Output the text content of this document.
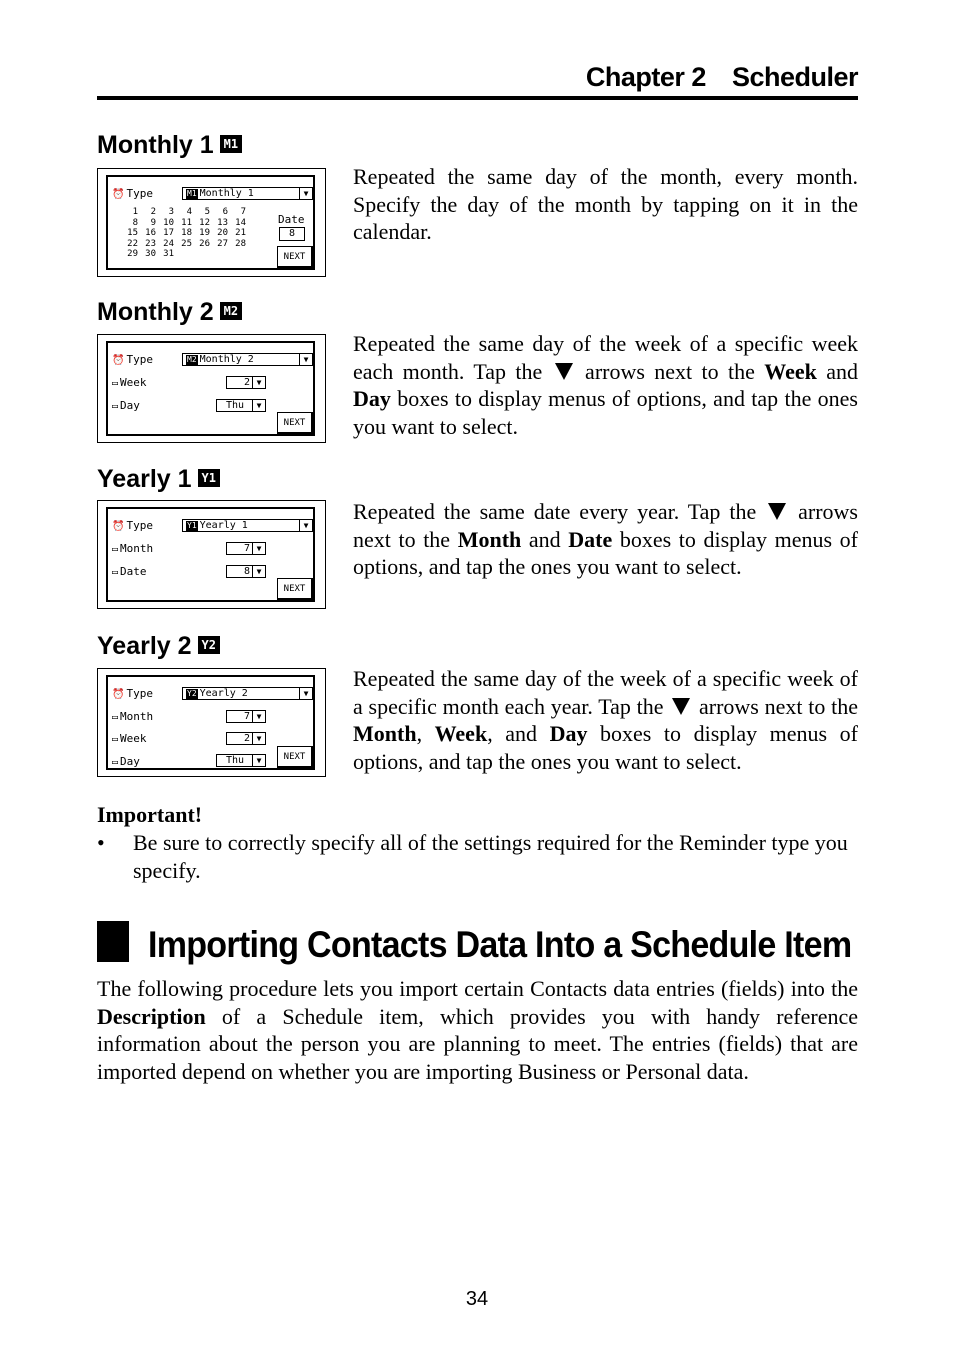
Chapter 2 Scheduler
Monthly 1 M1
⏰ Type	M1 Monthly 1	▼
1 2 3 4 5 6 7
8 9 10 11 12 13 14
15 16 17 18 19 20 21
22 23 24 25 26 27 28
29 30 31
Date
8
NEXT
Repeated the same day of the month, every month. Specify the day of the month by tapping on it in the calendar.
Monthly 2 M2
⏰ Type	M2 Monthly 2	▼
▭ Week	2 ▼
▭ Day	Thu	▼
NEXT
Repeated the same day of the week of a specific week each month. Tap the  arrows next to the Week and Day boxes to display menus of options, and tap the ones you want to select.
Yearly 1 Y1
⏰ Type	Y1 Yearly 1	▼
▭ Month	7 ▼
▭ Date	8 ▼
NEXT
Repeated the same date every year. Tap the  arrows next to the Month and Date boxes to display menus of options, and tap the ones you want to select.
Yearly 2 Y2
⏰ Type	Y2 Yearly 2	▼
▭ Month	7 ▼
▭ Week	2 ▼
▭ Day	Thu	▼	NEXT
Repeated the same day of the week of a specific week of a specific month each year. Tap the  arrows next to the Month, Week, and Day boxes to display menus of options, and tap the ones you want to select.
Important!
• Be sure to correctly specify all of the settings required for the Reminder type you specify.
Importing Contacts Data Into a Schedule Item
The following procedure lets you import certain Contacts data entries (fields) into the Description of a Schedule item, which provides you with handy reference information about the person you are planning to meet. The entries (fields) that are imported depend on whether you are importing Business or Personal data.
34
